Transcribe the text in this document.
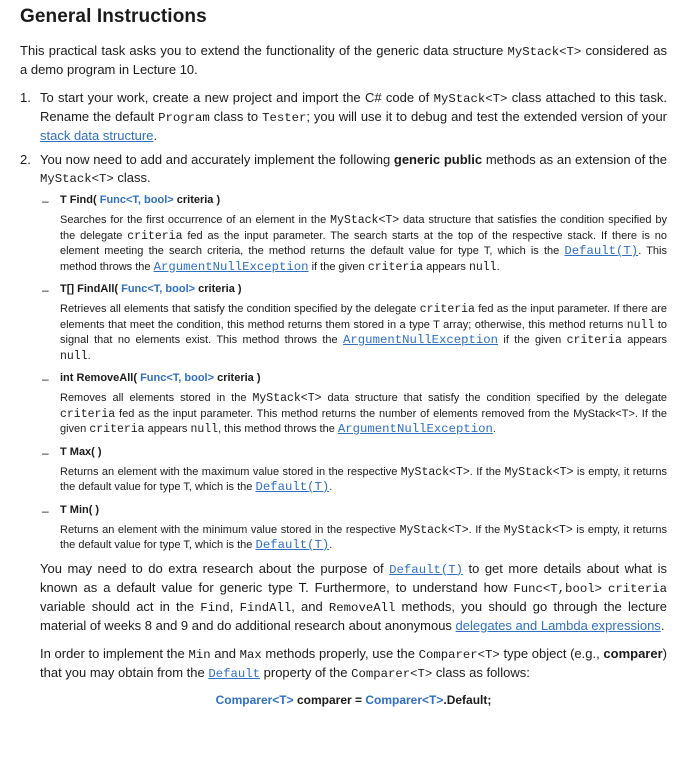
General Instructions

This practical task asks you to extend the functionality of the generic data structure MyStack<T> considered as a demo program in Lecture 10.

1. To start your work, create a new project and import the C# code of MyStack<T> class attached to this task. Rename the default Program class to Tester; you will use it to debug and test the extended version of your stack data structure.
2. You now need to add and accurately implement the following generic public methods as an extension of the MyStack<T> class.
– T Find( Func<T, bool> criteria )
Searches for the first occurrence of an element in the MyStack<T> data structure that satisfies the condition specified by the delegate criteria fed as the input parameter. The search starts at the top of the respective stack. If there is no element meeting the search criteria, the method returns the default value for type T, which is the Default(T). This method throws the ArgumentNullException if the given criteria appears null.
– T[] FindAll( Func<T, bool> criteria )
Retrieves all elements that satisfy the condition specified by the delegate criteria fed as the input parameter. If there are elements that meet the condition, this method returns them stored in a type T array; otherwise, this method returns null to signal that no elements exist. This method throws the ArgumentNullException if the given criteria appears null.
– int RemoveAll( Func<T, bool> criteria )
Removes all elements stored in the MyStack<T> data structure that satisfy the condition specified by the delegate criteria fed as the input parameter. This method returns the number of elements removed from the MyStack<T>. If the given criteria appears null, this method throws the ArgumentNullException.
– T Max( )
Returns an element with the maximum value stored in the respective MyStack<T>. If the MyStack<T> is empty, it returns the default value for type T, which is the Default(T).
– T Min( )
Returns an element with the minimum value stored in the respective MyStack<T>. If the MyStack<T> is empty, it returns the default value for type T, which is the Default(T).

You may need to do extra research about the purpose of Default(T) to get more details about what is known as a default value for generic type T. Furthermore, to understand how Func<T,bool> criteria variable should act in the Find, FindAll, and RemoveAll methods, you should go through the lecture material of weeks 8 and 9 and do additional research about anonymous delegates and Lambda expressions.

In order to implement the Min and Max methods properly, use the Comparer<T> type object (e.g., comparer) that you may obtain from the Default property of the Comparer<T> class as follows:

Comparer<T> comparer = Comparer<T>.Default;
